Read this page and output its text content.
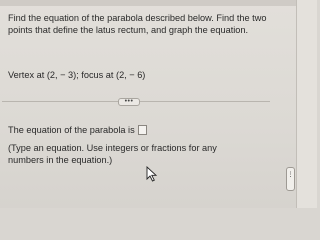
Find the equation of the parabola described below. Find the two points that define the latus rectum, and graph the equation.
Vertex at (2, − 3); focus at (2, − 6)
•••
The equation of the parabola is
(Type an equation. Use integers or fractions for any numbers in the equation.)
⋮
